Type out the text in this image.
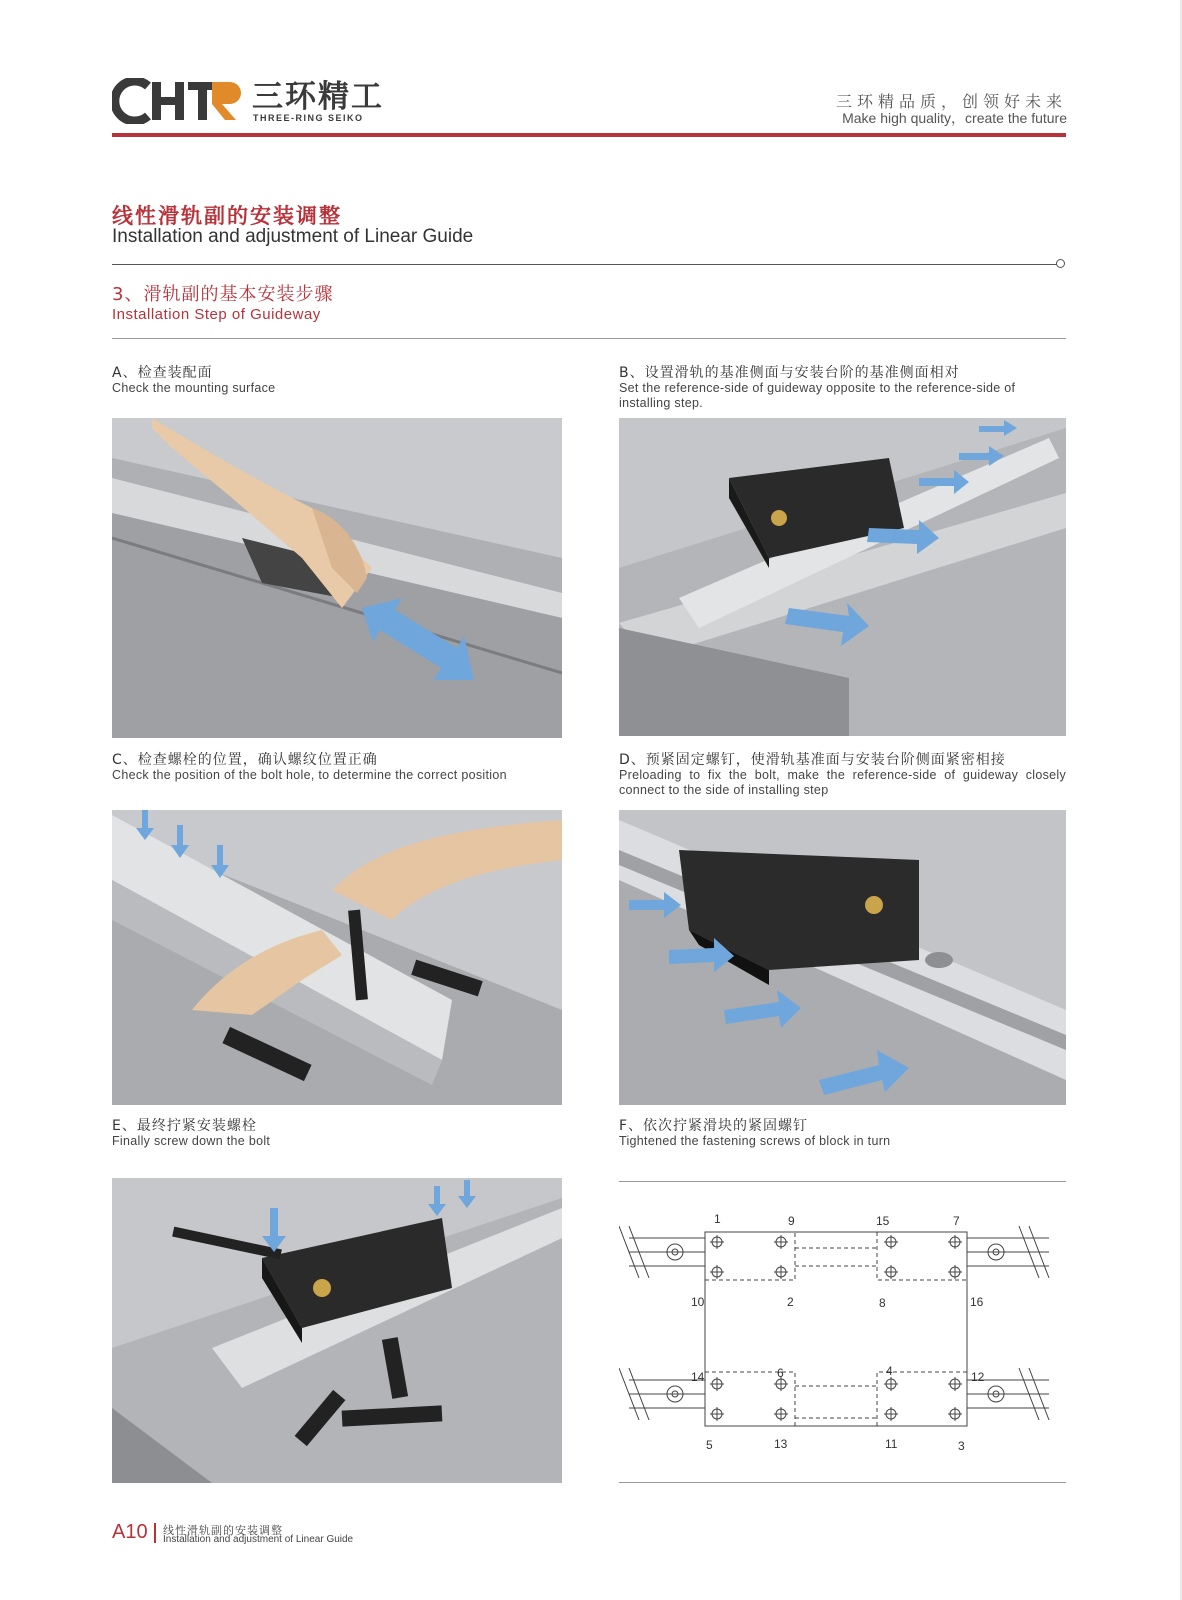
三环精工
THREE-RING SEIKO
三环精品质，创领好未来
Make high quality，create the future
线性滑轨副的安装调整
Installation and adjustment of Linear Guide
3、滑轨副的基本安装步骤
Installation Step of Guideway
A、检查装配面
Check the mounting surface
B、设置滑轨的基准侧面与安装台阶的基准侧面相对
Set the reference-side of guideway opposite to the reference-side of installing step.
C、检查螺栓的位置，确认螺纹位置正确
Check the position of the bolt hole, to determine the correct position
D、预紧固定螺钉，使滑轨基准面与安装台阶侧面紧密相接
Preloading to fix the bolt, make the reference-side of guideway closely connect to the side of installing step
E、最终拧紧安装螺栓
Finally screw down the bolt
F、依次拧紧滑块的紧固螺钉
Tightened the fastening screws of block in turn
1	9	15	7
10	2	8	16
14	6	4	12
5	13	11	3
A10 线性滑轨副的安装调整
Installation and adjustment of Linear Guide
